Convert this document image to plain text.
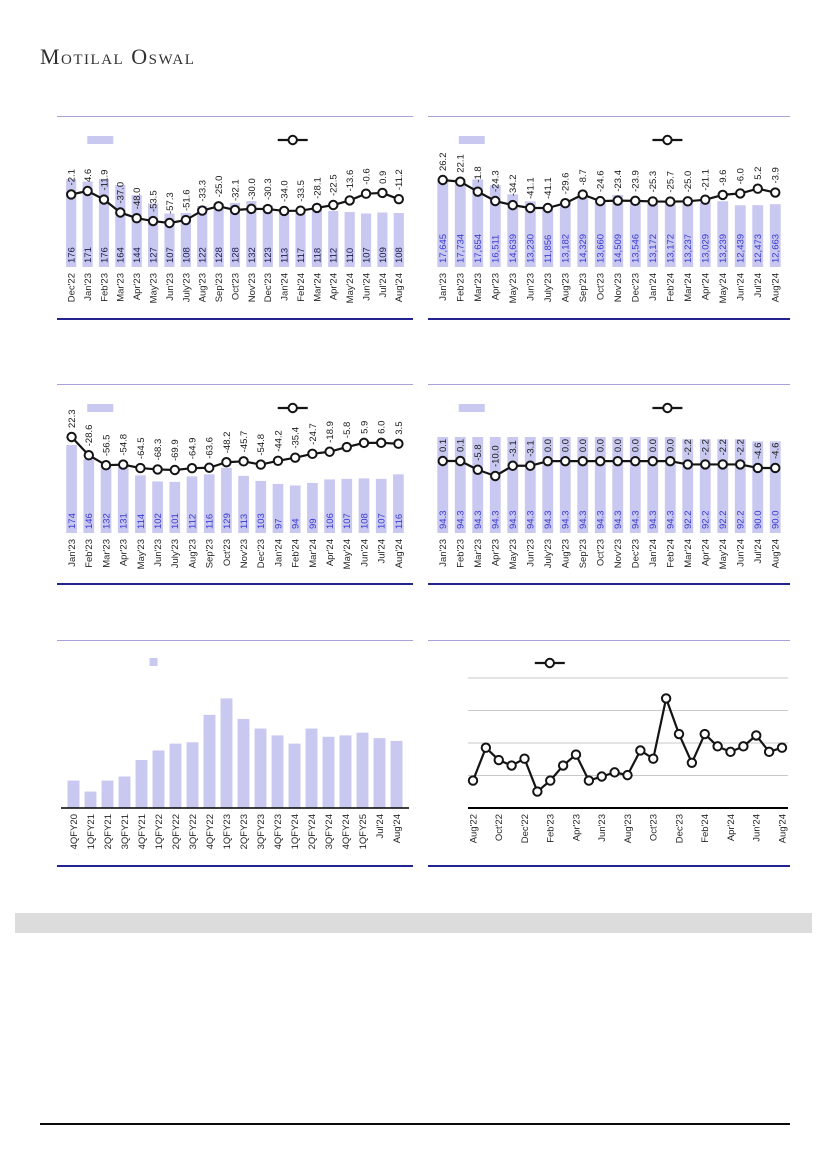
Motilal Oswal
176
Dec'22
171
Jan'23
176
Feb'23
164
Mar'23
144
Apr'23
127
May'23
107
Jun'23
108
July'23
122
Aug'23
128
Sep'23
128
Oct'23
132
Nov'23
123
Dec'23
113
Jan'24
117
Feb'24
118
Mar'24
112
Apr'24
110
May'24
107
Jun'24
109
Jul'24
108
Aug'24
-2.1 4.6 -11.9
-37.0 -48.0 -53.5 -57.3 -51.6 -33.3 -25.0 -32.1 -30.0 -30.3 -34.0 -33.5 -28.1 -22.5 -13.6 -0.6 0.9 -11.2
17,645
Jan'23
17,734
Feb'23
17,654
Mar'23
16,511
Apr'23
14,639
May'23
13,230
Jun'23
11,856
July'23
13,182
Aug'23
14,329
Sep'23
13,660
Oct'23
14,509
Nov'23
13,546
Dec'23
13,172
Jan'24
13,172
Feb'24
13,237
Mar'24
13,029
Apr'24
13,239
May'24
12,439
Jun'24
12,473
Jul'24
12,663
Aug'24
26.2 22.1
-1.8 -24.3 -34.2 -41.1 -41.1 -29.6 -8.7 -24.6 -23.4 -23.9 -25.3 -25.7 -25.0 -21.1 -9.6 -6.0 5.2 -3.9
174
Jan'23
146
Feb'23
132
Mar'23
131
Apr'23
114
May'23
102
Jun'23
101
July'23
112
Aug'23
116
Sep'23
129
Oct'23
113
Nov'23
103
Dec'23
97
Jan'24
94
Feb'24
99
Mar'24
106
Apr'24
107
May'24
108
Jun'24
107
Jul'24
116
Aug'24
22.3
-28.6 -56.5 -54.8 -64.5 -68.3 -69.9 -64.9 -63.6 -48.2 -45.7 -54.8 -44.2 -35.4 -24.7 -18.9 -5.8 5.9 6.0 3.5
94.3
Jan'23
94.3
Feb'23
94.3
Mar'23
94.3
Apr'23
94.3
May'23
94.3
Jun'23
94.3
July'23
94.3
Aug'23
94.3
Sep'23
94.3
Oct'23
94.3
Nov'23
94.3
Dec'23
94.3
Jan'24
94.3
Feb'24
92.2
Mar'24
92.2
Apr'24
92.2
May'24
92.2
Jun'24
90.0
Jul'24
90.0
Aug'24
0.1 0.1 -5.8 -10.0 -3.1 -3.1 0.0 0.0 0.0 0.0 0.0 0.0 0.0 0.0 -2.2 -2.2 -2.2 -2.2 -4.6 -4.6
4QFY20 1QFY21 2QFY21 3QFY21 4QFY21 1QFY22 2QFY22 3QFY22 4QFY22 1QFY23 2QFY23 3QFY23 4QFY23 1QFY24 2QFY24 3QFY24 4QFY24 1QFY25 Jul'24 Aug'24	Aug'22 Oct'22 Dec'22 Feb'23 Apr'23 Jun'23 Aug'23 Oct'23 Dec'23 Feb'24 Apr'24 Jun'24 Aug'24
